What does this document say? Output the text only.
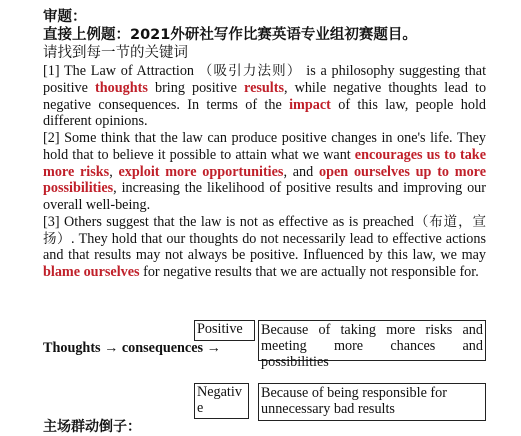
审题：
直接上例题：2021外研社写作比赛英语专业组初赛题目。
请找到每一节的关键词

[1] The Law of Attraction （吸引力法则） is a philosophy suggesting that positive thoughts bring positive results, while negative thoughts lead to negative consequences. In terms of the impact of this law, people hold different opinions.

[2] Some think that the law can produce positive changes in one's life. They hold that to believe it possible to attain what we want encourages us to take more risks, exploit more opportunities, and open ourselves up to more possibilities, increasing the likelihood of positive results and improving our overall well-being.

[3] Others suggest that the law is not as effective as is preached（布道，宣扬）. They hold that our thoughts do not necessarily lead to effective actions and that results may not always be positive. Influenced by this law, we may blame ourselves for negative results that we are actually not responsible for.

Thoughts → consequences →
Positive	Because of taking more risks and meeting more chances and possibilities
Negativ e
Because of being responsible for unnecessary bad results
主场群动倒子：
